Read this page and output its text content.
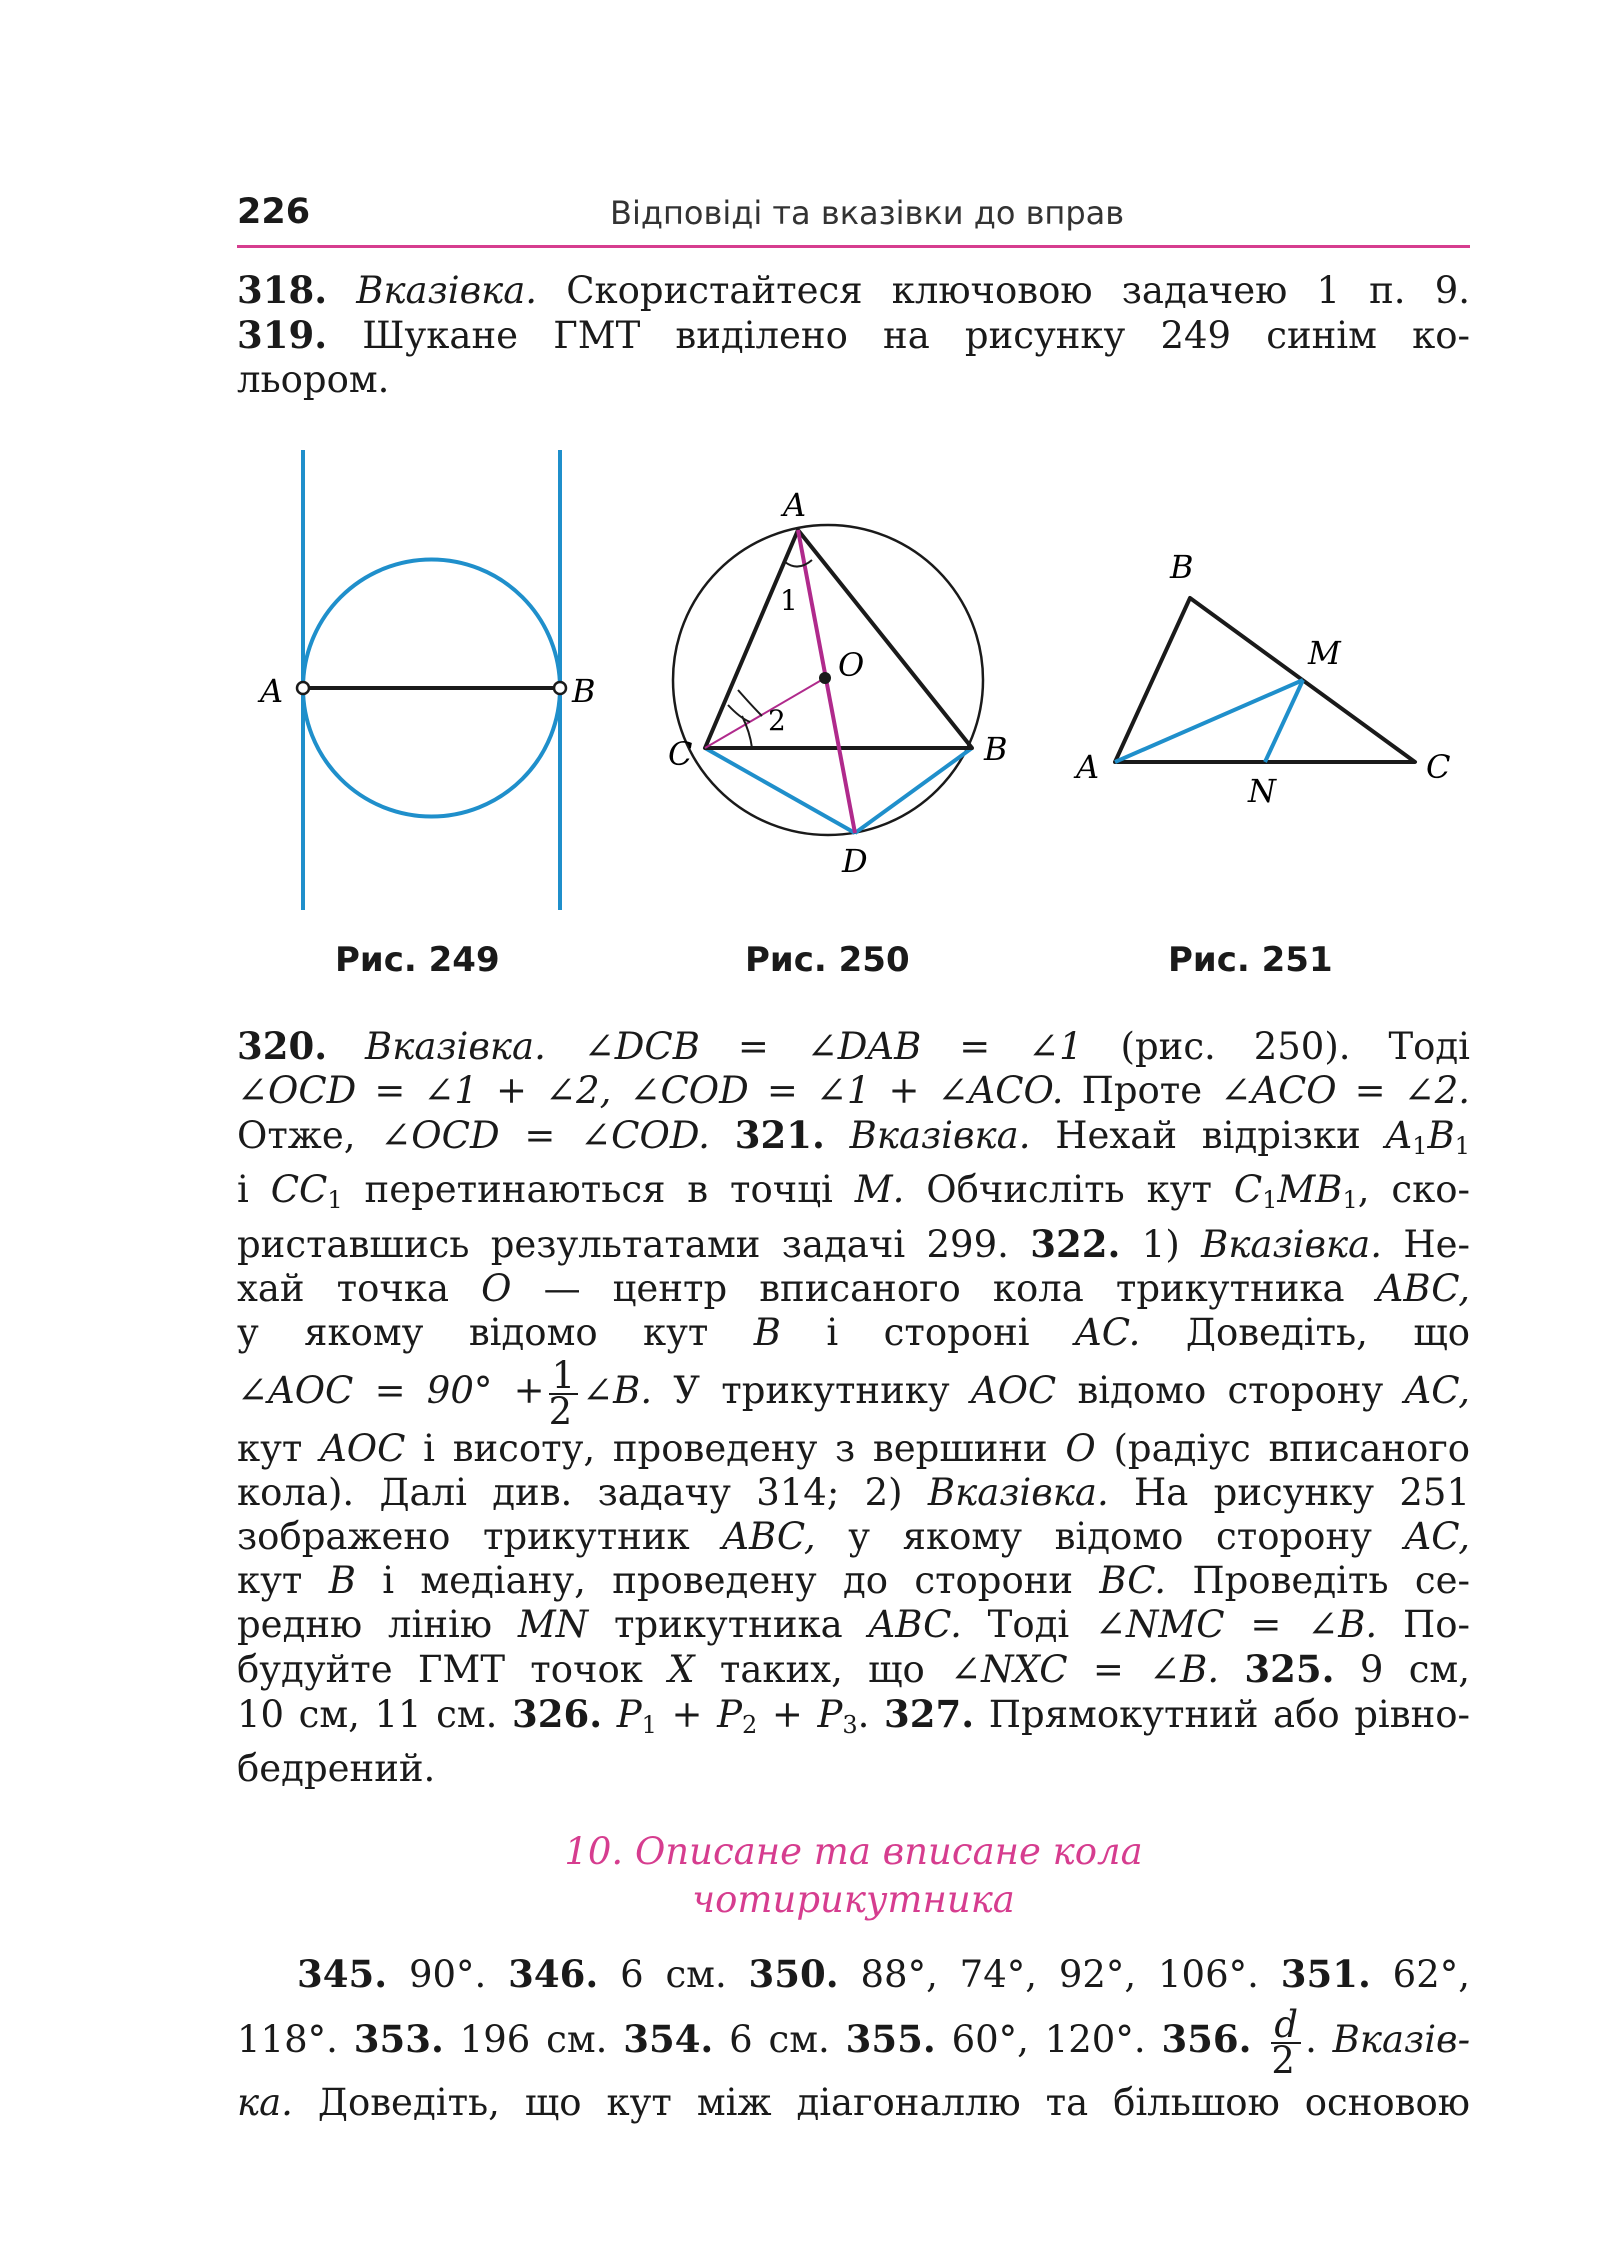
226	Відповіді та вказівки до вправ
318. Вказівка. Скористайтеся ключовою задачею 1 п. 9.
319. Шукане ГМТ виділено на рисунку 249 синім ко-
льором.
A	B
Рис. 249
A
B
C
D
O
1
2
Рис. 250
B
A	C
M
N
Рис. 251
320. Вказівка. ∠DCB = ∠DAB = ∠1 (рис. 250). Тоді
∠OCD = ∠1 + ∠2, ∠COD = ∠1 + ∠ACO. Проте ∠ACO = ∠2.
Отже, ∠OCD = ∠COD. 321. Вказівка. Нехай відрізки $A_1B_1$
і $CC_1$ перетинаються в точці M. Обчисліть кут $C_1MB_1$, ско-
риставшись результатами задачі 299. 322. 1) Вказівка. Не-
хай точка O — центр вписаного кола трикутника ABC,
у якому відомо кут B і стороні AC. Доведіть, що
∠AOC = $90^\circ + \frac{1}{2}$ ∠B. У трикутнику AOC відомо сторону AC,
кут AOC і висоту, проведену з вершини O (радіус вписаного
кола). Далі див. задачу 314; 2) Вказівка. На рисунку 251
зображено трикутник ABC, у якому відомо сторону AC,
кут B і медіану, проведену до сторони BC. Проведіть се-
редню лінію MN трикутника ABC. Тоді ∠NMC = ∠B. По-
будуйте ГМТ точок X таких, що ∠NXC = ∠B. 325. 9 см,
10 см, 11 см. 326. $P_1 + P_2 + P_3$. 327. Прямокутний або рівно-
бедрений.
10. Описане та вписане кола
чотирикутника
345. 90°. 346. 6 см. 350. 88°, 74°, 92°, 106°. 351. 62°,
118°. 353. 196 см. 354. 6 см. 355. 60°, 120°. 356. $\frac{d}{2}$ . Вказів-
ка. Доведіть, що кут між діагоналлю та більшою основою
